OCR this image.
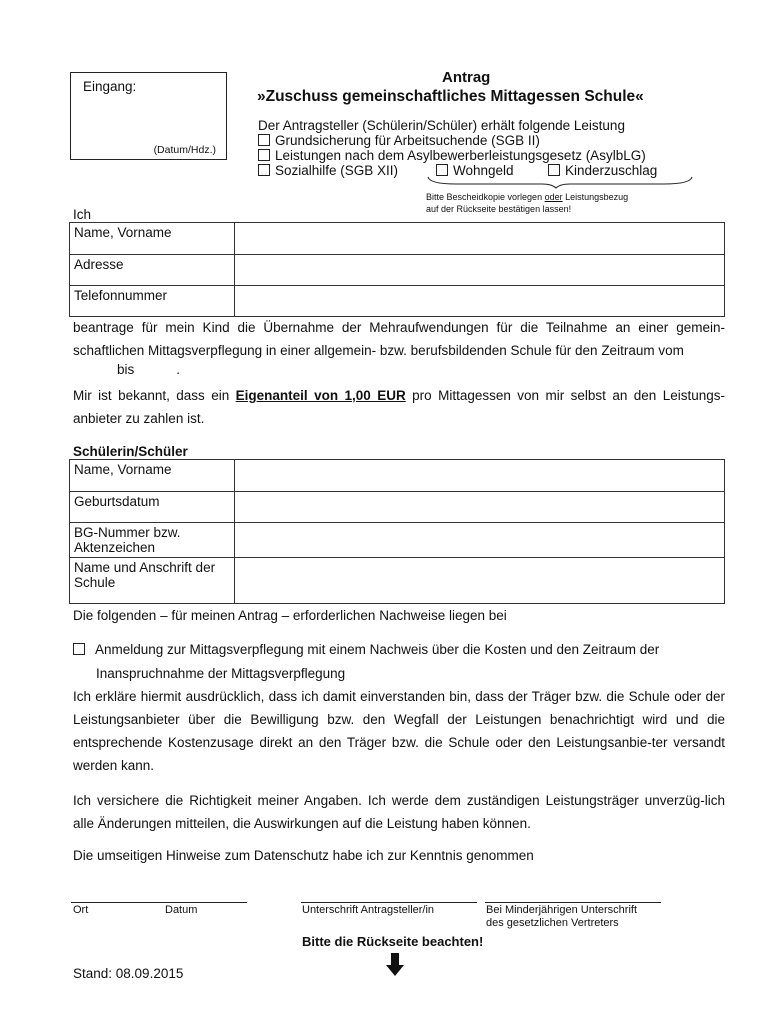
Eingang:
(Datum/Hdz.)
Antrag
»Zuschuss gemeinschaftliches Mittagessen Schule«
Der Antragsteller (Schülerin/Schüler) erhält folgende Leistung
Grundsicherung für Arbeitsuchende (SGB II)
Leistungen nach dem Asylbewerberleistungsgesetz (AsylbLG)
Sozialhilfe (SGB XII)	Wohngeld	Kinderzuschlag
Bitte Bescheidkopie vorlegen oder Leistungsbezug
auf der Rückseite bestätigen lassen!
Ich
Name, Vorname	
Adresse	
Telefonnummer	
beantrage für mein Kind die Übernahme der Mehraufwendungen für die Teilnahme an einer gemein-schaftlichen Mittagsverpflegung in einer allgemein- bzw. berufsbildenden Schule für den Zeitraum vom
bis	.
Mir ist bekannt, dass ein Eigenanteil von 1,00 EUR pro Mittagessen von mir selbst an den Leistungs-anbieter zu zahlen ist.
Schülerin/Schüler
Name, Vorname	
Geburtsdatum	
BG-Nummer bzw. Aktenzeichen	
Name und Anschrift der Schule	
Die folgenden – für meinen Antrag – erforderlichen Nachweise liegen bei
Anmeldung zur Mittagsverpflegung mit einem Nachweis über die Kosten und den Zeitraum der
Inanspruchnahme der Mittagsverpflegung
Ich erkläre hiermit ausdrücklich, dass ich damit einverstanden bin, dass der Träger bzw. die Schule oder der Leistungsanbieter über die Bewilligung bzw. den Wegfall der Leistungen benachrichtigt wird und die entsprechende Kostenzusage direkt an den Träger bzw. die Schule oder den Leistungsanbie-ter versandt werden kann.
Ich versichere die Richtigkeit meiner Angaben. Ich werde dem zuständigen Leistungsträger unverzüg-lich alle Änderungen mitteilen, die Auswirkungen auf die Leistung haben können.
Die umseitigen Hinweise zum Datenschutz habe ich zur Kenntnis genommen
Ort	Datum	Unterschrift Antragsteller/in	Bei Minderjährigen Unterschrift
des gesetzlichen Vertreters
Bitte die Rückseite beachten!
Stand: 08.09.2015
